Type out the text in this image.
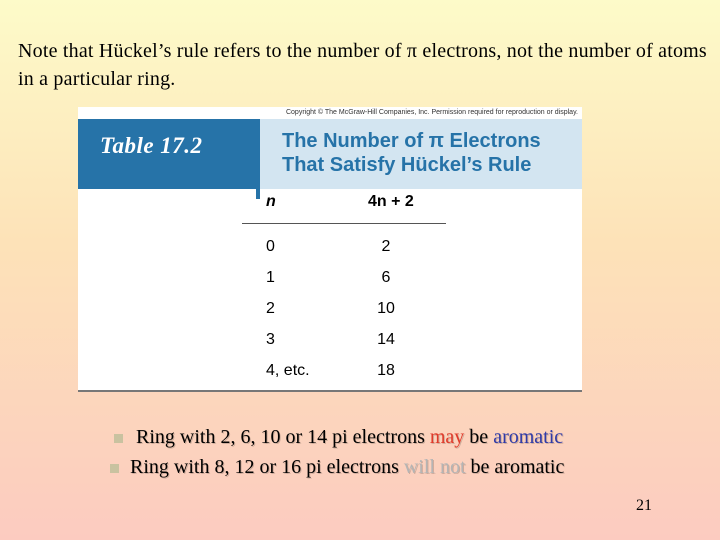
Note that Hückel’s rule refers to the number of π electrons, not the number of atoms in a particular ring.
Copyright © The McGraw-Hill Companies, Inc. Permission required for reproduction or display.
Table 17.2	The Number of π Electrons
That Satisfy Hückel’s Rule
n	4n + 2
0	2
1	6
2	10
3	14
4, etc.	18
Ring with 2, 6, 10 or 14 pi electrons may be aromatic
Ring with 8, 12 or 16 pi electrons will not be aromatic
21
